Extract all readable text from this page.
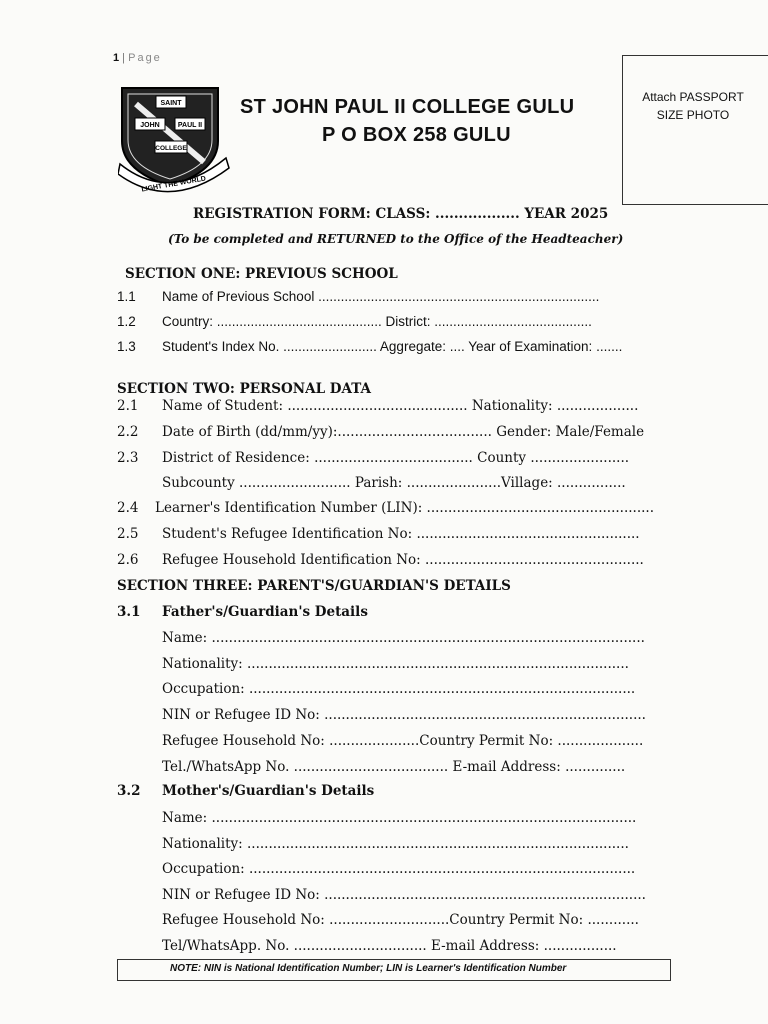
1 | Page
SAINT
JOHN	PAUL II
COLLEGE
LIGHT THE WORLD
ST JOHN PAUL II COLLEGE GULU
P O BOX 258 GULU
Attach PASSPORT
SIZE PHOTO
REGISTRATION FORM: CLASS: .................. YEAR 2025
(To be completed and RETURNED to the Office of the Headteacher)
SECTION ONE: PREVIOUS SCHOOL
1.1 Name of Previous School ...........................................................................
1.2 Country: ............................................ District: ..........................................
1.3 Student's Index No. ......................... Aggregate: .... Year of Examination: .......
SECTION TWO: PERSONAL DATA
2.1 Name of Student: .......................................... Nationality: ...................
2.2 Date of Birth (dd/mm/yy):.................................... Gender: Male/Female
2.3 District of Residence: ..................................... County .......................
Subcounty .......................... Parish: ......................Village: ................
2.4 Learner's Identification Number (LIN): .....................................................
2.5 Student's Refugee Identification No: ....................................................
2.6 Refugee Household Identification No: ...................................................
SECTION THREE: PARENT'S/GUARDIAN'S DETAILS
3.1 Father's/Guardian's Details
Name: .....................................................................................................
Nationality: .........................................................................................
Occupation: ..........................................................................................
NIN or Refugee ID No: ...........................................................................
Refugee Household No: .....................Country Permit No: ....................
Tel./WhatsApp No. .................................... E-mail Address: ..............
3.2 Mother's/Guardian's Details
Name: ...................................................................................................
Nationality: .........................................................................................
Occupation: ..........................................................................................
NIN or Refugee ID No: ...........................................................................
Refugee Household No: ............................Country Permit No: ............
Tel/WhatsApp. No. ............................... E-mail Address: .................
NOTE: NIN is National Identification Number; LIN is Learner's Identification Number
